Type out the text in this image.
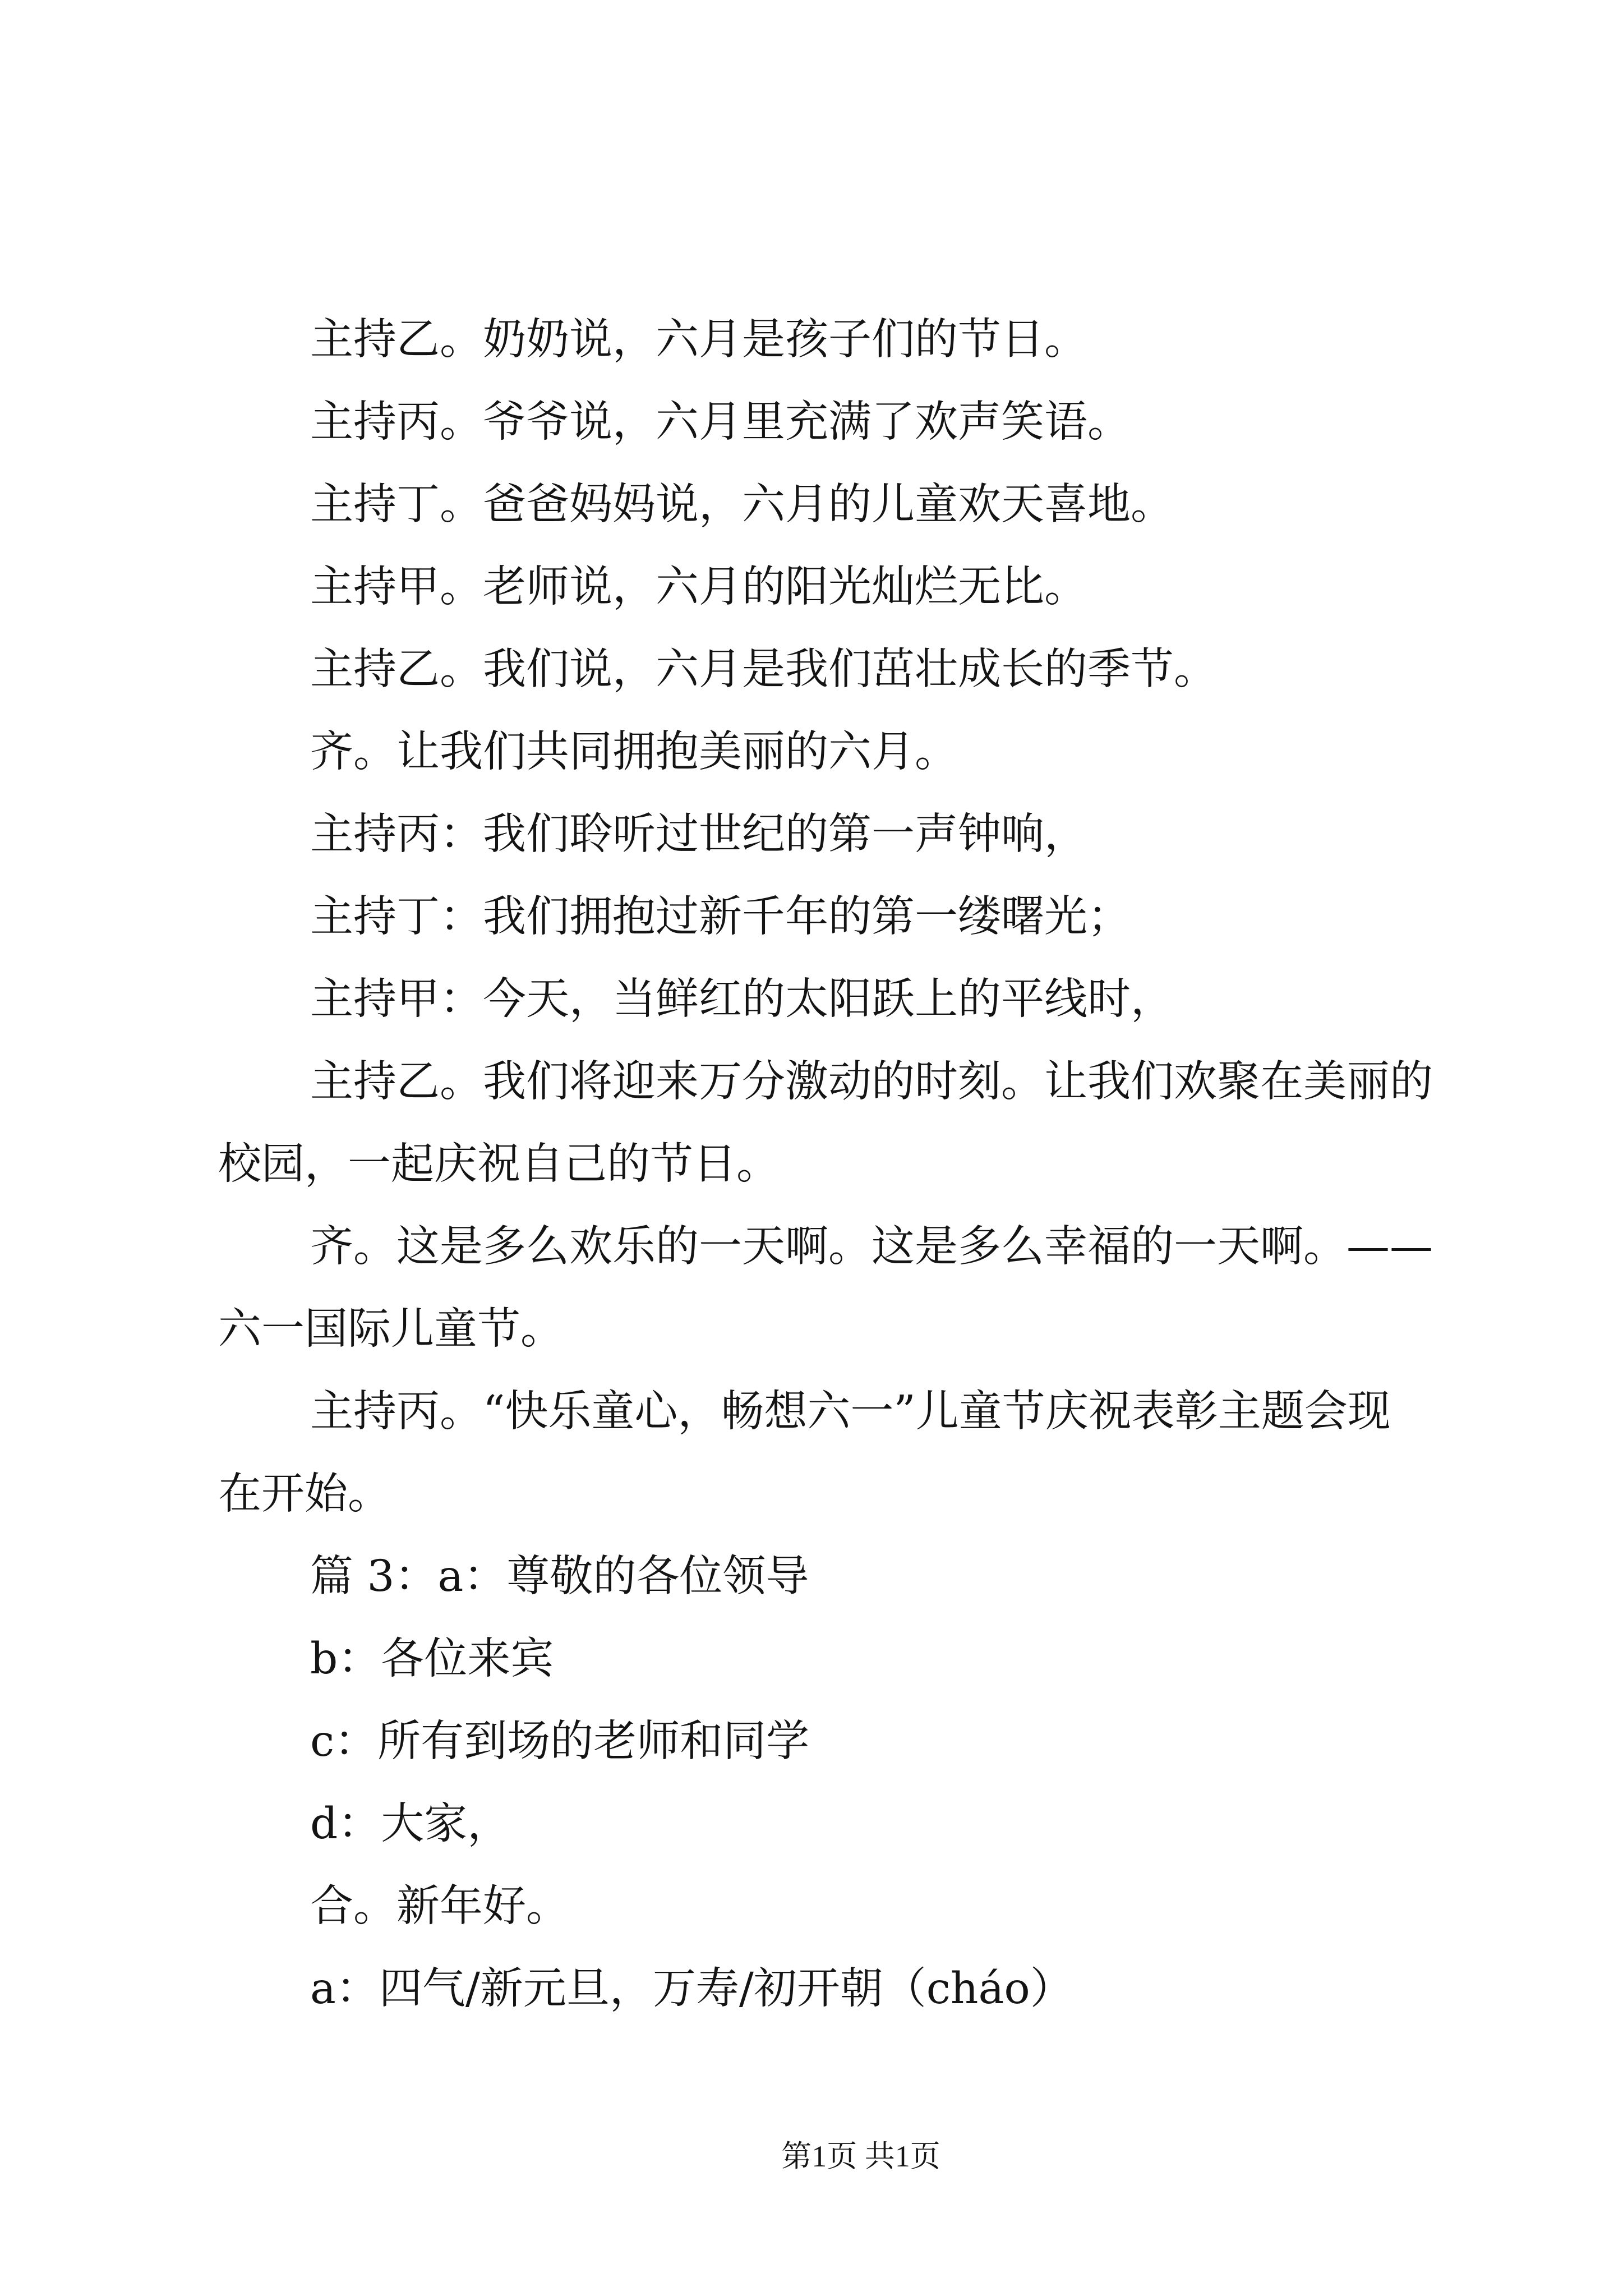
主持乙。奶奶说，六月是孩子们的节日。
主持丙。爷爷说，六月里充满了欢声笑语。
主持丁。爸爸妈妈说，六月的儿童欢天喜地。
主持甲。老师说，六月的阳光灿烂无比。
主持乙。我们说，六月是我们茁壮成长的季节。
齐。让我们共同拥抱美丽的六月。
主持丙：我们聆听过世纪的第一声钟响，
主持丁：我们拥抱过新千年的第一缕曙光；
主持甲：今天，当鲜红的太阳跃上的平线时，
主持乙。我们将迎来万分激动的时刻。让我们欢聚在美丽的
校园，一起庆祝自己的节日。
齐。这是多么欢乐的一天啊。这是多么幸福的一天啊。——
六一国际儿童节。
主持丙。“快乐童心，畅想六一”儿童节庆祝表彰主题会现
在开始。
篇 3：a：尊敬的各位领导
b：各位来宾
c：所有到场的老师和同学
d：大家，
合。新年好。
a：四气/新元旦，万寿/初开朝（cháo）
第1页 共1页
